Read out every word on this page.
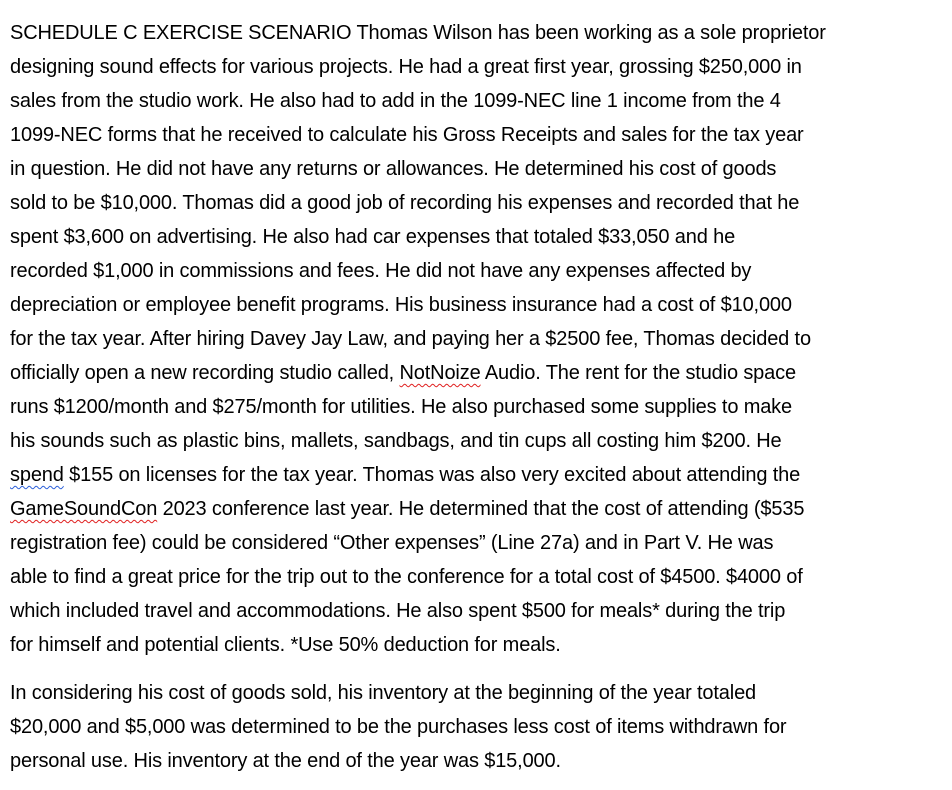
SCHEDULE C EXERCISE SCENARIO Thomas Wilson has been working as a sole proprietor

designing sound effects for various projects. He had a great first year, grossing $250,000 in

sales from the studio work. He also had to add in the 1099-NEC line 1 income from the 4

1099-NEC forms that he received to calculate his Gross Receipts and sales for the tax year

in question. He did not have any returns or allowances. He determined his cost of goods

sold to be $10,000. Thomas did a good job of recording his expenses and recorded that he

spent $3,600 on advertising. He also had car expenses that totaled $33,050 and he

recorded $1,000 in commissions and fees. He did not have any expenses affected by

depreciation or employee benefit programs. His business insurance had a cost of $10,000

for the tax year. After hiring Davey Jay Law, and paying her a $2500 fee, Thomas decided to

officially open a new recording studio called, NotNoize Audio. The rent for the studio space

runs $1200/month and $275/month for utilities. He also purchased some supplies to make

his sounds such as plastic bins, mallets, sandbags, and tin cups all costing him $200. He

spend $155 on licenses for the tax year. Thomas was also very excited about attending the

GameSoundCon 2023 conference last year. He determined that the cost of attending ($535

registration fee) could be considered “Other expenses” (Line 27a) and in Part V. He was

able to find a great price for the trip out to the conference for a total cost of $4500. $4000 of

which included travel and accommodations. He also spent $500 for meals* during the trip

for himself and potential clients. *Use 50% deduction for meals.

In considering his cost of goods sold, his inventory at the beginning of the year totaled

$20,000 and $5,000 was determined to be the purchases less cost of items withdrawn for

personal use. His inventory at the end of the year was $15,000.
